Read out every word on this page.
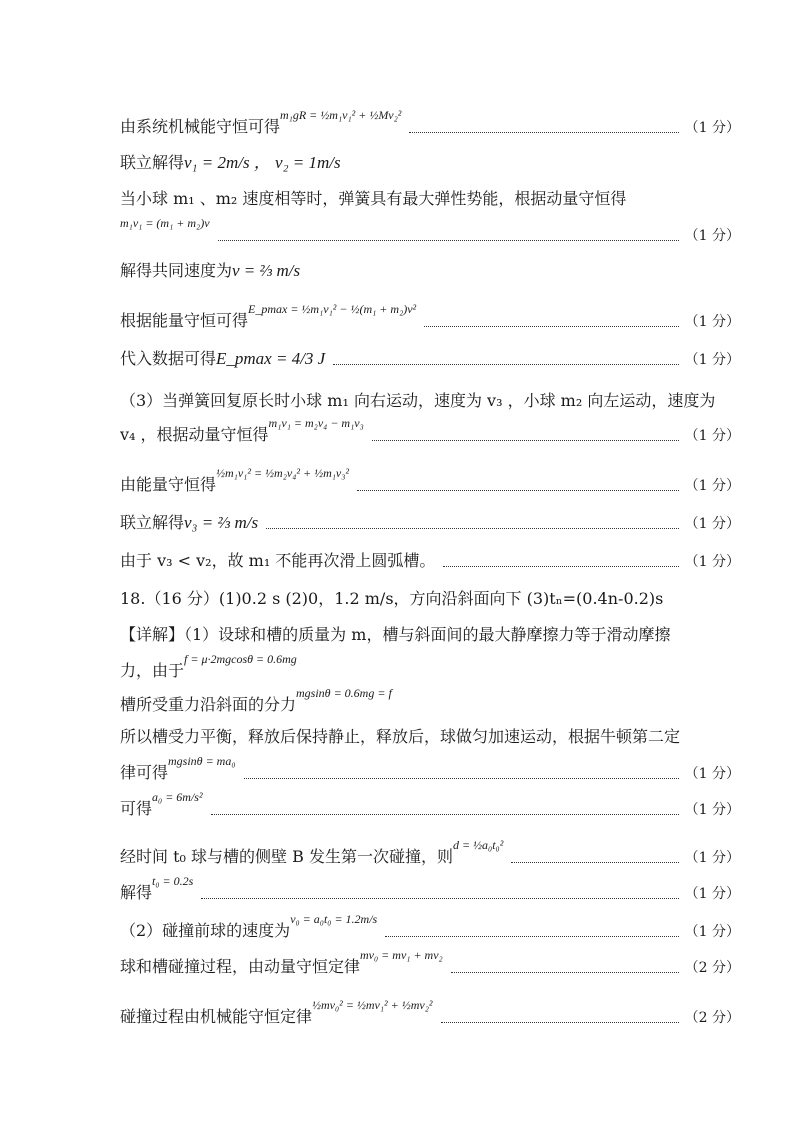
由系统机械能守恒可得
m₁gR = ½m₁v₁² + ½Mv₂²
（1 分）
联立解得 v₁ = 2m/s ， v₂ = 1m/s
当小球 m₁ 、m₂ 速度相等时，弹簧具有最大弹性势能，根据动量守恒得
m₁v₁ = (m₁ + m₂)v
（1 分）
解得共同速度为 v = ⅔ m/s
根据能量守恒可得
E_pmax = ½m₁v₁² − ½(m₁ + m₂)v²
（1 分）
代入数据可得 E_pmax = 4/3 J	（1 分）
（3）当弹簧回复原长时小球 m₁ 向右运动，速度为 v₃ ，小球 m₂ 向左运动，速度为
v₄ ，根据动量守恒得
m₁v₁ = m₂v₄ − m₁v₃
（1 分）
由能量守恒得
½m₁v₁² = ½m₂v₄² + ½m₁v₃²
（1 分）
联立解得 v₃ = ⅔ m/s	（1 分）
由于 v₃ < v₂，故 m₁ 不能再次滑上圆弧槽。	（1 分）
18.（16 分）(1)0.2 s (2)0，1.2 m/s，方向沿斜面向下 (3)tₙ=(0.4n-0.2)s
【详解】（1）设球和槽的质量为 m，槽与斜面间的最大静摩擦力等于滑动摩擦
力，由于
f = μ·2mgcosθ = 0.6mg
槽所受重力沿斜面的分力
mgsinθ = 0.6mg = f
所以槽受力平衡，释放后保持静止，释放后，球做匀加速运动，根据牛顿第二定
律可得
mgsinθ = ma₀
（1 分）
可得
a₀ = 6m/s²
（1 分）
经时间 t₀ 球与槽的侧壁 B 发生第一次碰撞，则
d = ½a₀t₀²
（1 分）
解得
t₀ = 0.2s
（1 分）
（2）碰撞前球的速度为
v₀ = a₀t₀ = 1.2m/s
（1 分）
球和槽碰撞过程，由动量守恒定律
mv₀ = mv₁ + mv₂
（2 分）
碰撞过程由机械能守恒定律
½mv₀² = ½mv₁² + ½mv₂²
（2 分）
